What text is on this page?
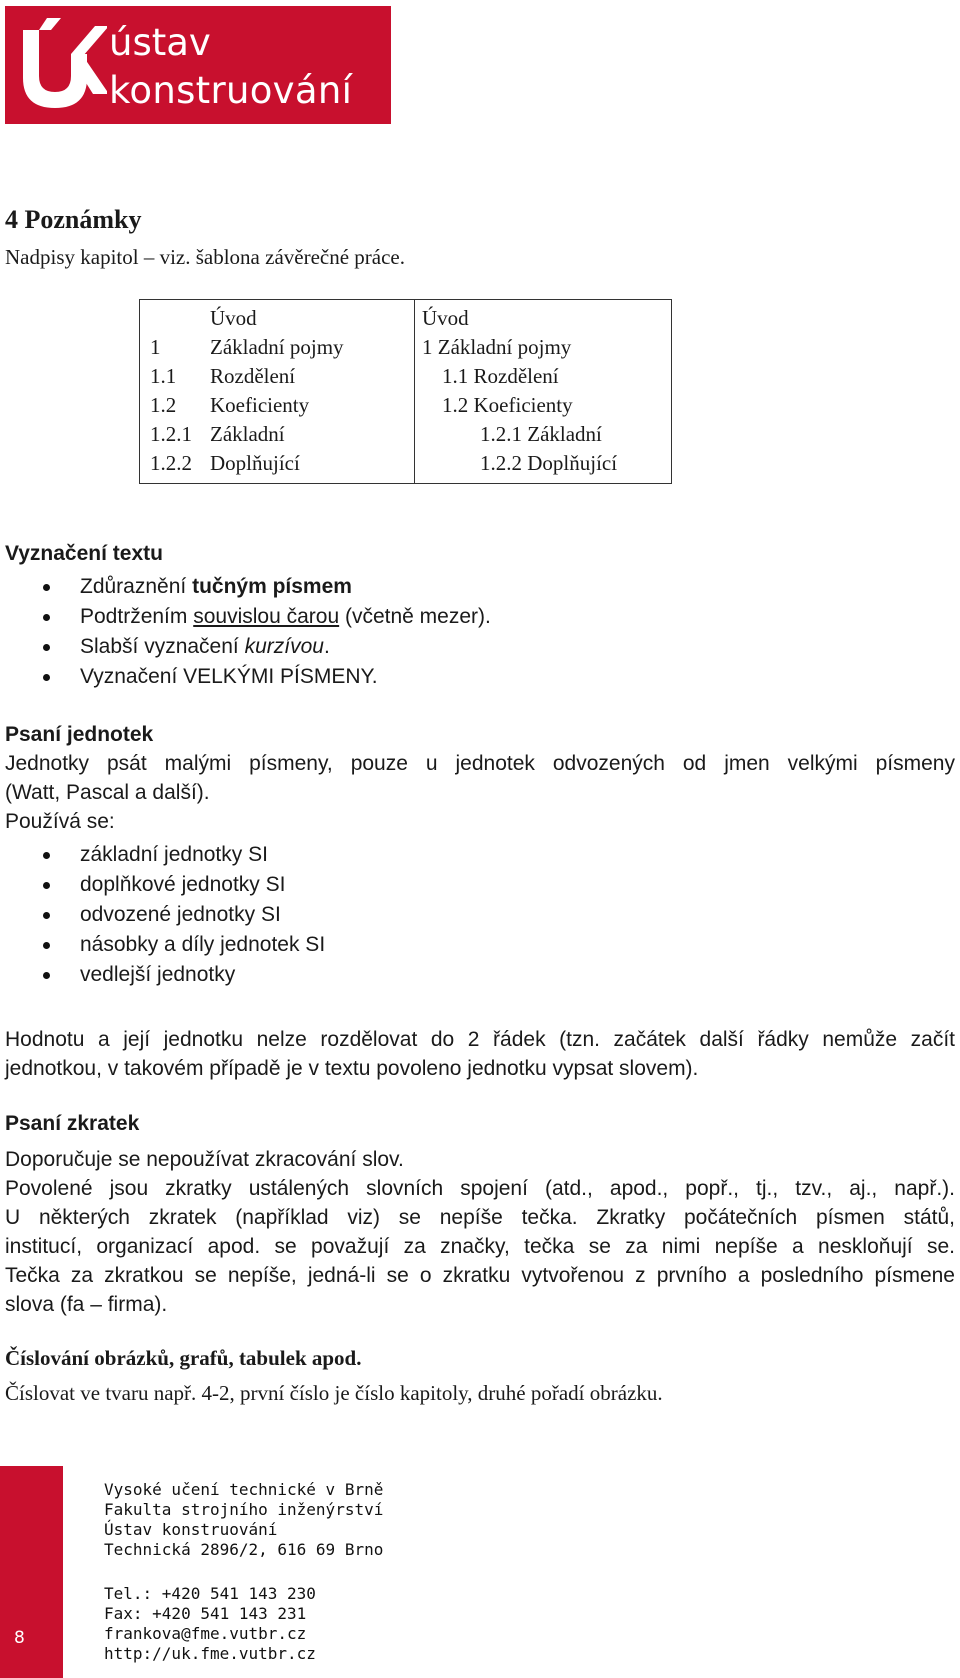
ústav
konstruování
4 Poznámky
Nadpisy kapitol – viz. šablona závěrečné práce.
Úvod
1 Základní pojmy
1.1 Rozdělení
1.2 Koeficienty
1.2.1 Základní
1.2.2 Doplňující
Úvod
1 Základní pojmy
1.1 Rozdělení
1.2 Koeficienty
1.2.1 Základní
1.2.2 Doplňující
Vyznačení textu
Zdůraznění tučným písmem
Podtržením souvislou čarou (včetně mezer).
Slabší vyznačení kurzívou.
Vyznačení VELKÝMI PÍSMENY.
Psaní jednotek
Jednotky psát malými písmeny, pouze u jednotek odvozených od jmen velkými písmeny
(Watt, Pascal a další).
Používá se:
základní jednotky SI
doplňkové jednotky SI
odvozené jednotky SI
násobky a díly jednotek SI
vedlejší jednotky
Hodnotu a její jednotku nelze rozdělovat do 2 řádek (tzn. začátek další řádky nemůže začít
jednotkou, v takovém případě je v textu povoleno jednotku vypsat slovem).
Psaní zkratek
Doporučuje se nepoužívat zkracování slov.
Povolené jsou zkratky ustálených slovních spojení (atd., apod., popř., tj., tzv., aj., např.).
U některých zkratek (například viz) se nepíše tečka. Zkratky počátečních písmen států,
institucí, organizací apod. se považují za značky, tečka se za nimi nepíše a neskloňují se.
Tečka za zkratkou se nepíše, jedná-li se o zkratku vytvořenou z prvního a posledního písmene
slova (fa – firma).
Číslování obrázků, grafů, tabulek apod.
Číslovat ve tvaru např. 4-2, první číslo je číslo kapitoly, druhé pořadí obrázku.
8
Vysoké učení technické v Brně
Fakulta strojního inženýrství
Ústav konstruování
Technická 2896/2, 616 69 Brno
Tel.: +420 541 143 230
Fax: +420 541 143 231
frankova@fme.vutbr.cz
http://uk.fme.vutbr.cz
